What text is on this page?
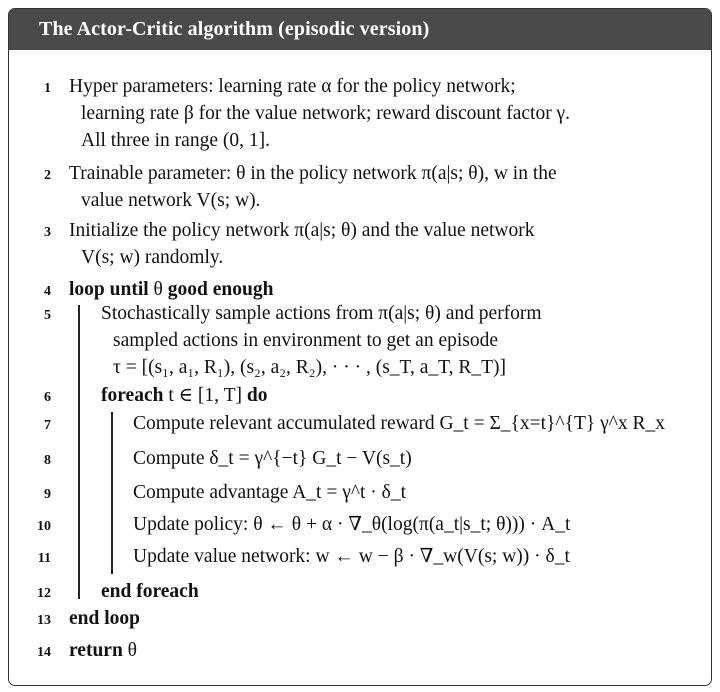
The Actor-Critic algorithm (episodic version)
1
2
3
4
5
6
7
8
9
10
11
12
13
14
Hyper parameters: learning rate α for the policy network;
learning rate β for the value network; reward discount factor γ.
All three in range (0, 1].
Trainable parameter: θ in the policy network π(a|s; θ), w in the
value network V(s; w).
Initialize the policy network π(a|s; θ) and the value network
V(s; w) randomly.
loop until θ good enough
Stochastically sample actions from π(a|s; θ) and perform
sampled actions in environment to get an episode
τ = [(s₁, a₁, R₁), (s₂, a₂, R₂), · · · , (s_T, a_T, R_T)]
foreach t ∈ [1, T] do
Compute relevant accumulated reward G_t = Σ_{x=t}^{T} γ^x R_x
Compute δ_t = γ^{−t} G_t − V(s_t)
Compute advantage A_t = γ^t · δ_t
Update policy: θ ← θ + α · ∇_θ(log(π(a_t|s_t; θ))) · A_t
Update value network: w ← w − β · ∇_w(V(s; w)) · δ_t
end foreach
end loop
return θ
